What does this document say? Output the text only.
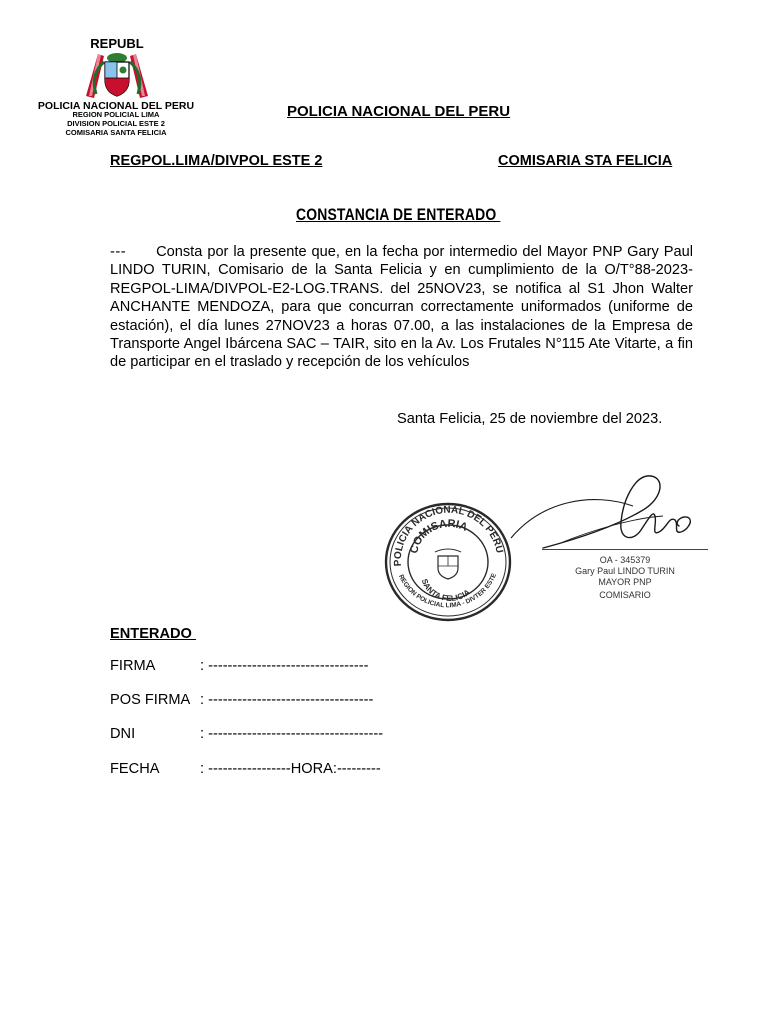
REPUBL
POLICIA NACIONAL DEL PERU
REGION POLICIAL LIMA
DIVISION POLICIAL ESTE 2
COMISARIA SANTA FELICIA
POLICIA NACIONAL DEL PERU
REGPOL.LIMA/DIVPOL ESTE 2	COMISARIA STA FELICIA
CONSTANCIA DE ENTERADO
--- Consta por la presente que, en la fecha por intermedio del Mayor PNP Gary Paul LINDO TURIN, Comisario de la Santa Felicia y en cumplimiento de la O/T°88-2023-REGPOL-LIMA/DIVPOL-E2-LOG.TRANS. del 25NOV23, se notifica al S1 Jhon Walter ANCHANTE MENDOZA, para que concurran correctamente uniformados (uniforme de estación), el día lunes 27NOV23 a horas 07.00, a las instalaciones de la Empresa de Transporte Angel Ibárcena SAC – TAIR, sito en la Av. Los Frutales N°115 Ate Vitarte, a fin de participar en el traslado y recepción de los vehículos
Santa Felicia, 25 de noviembre del 2023.
POLICIA NACIONAL DEL PERU
COMISARIA
REGION POLICIAL LIMA - DIVTER ESTE
SANTA FELICIA
OA - 345379
Gary Paul LINDO TURIN
MAYOR PNP
COMISARIO
ENTERADO
FIRMA	: ---------------------------------
POS FIRMA : ----------------------------------
DNI	: ------------------------------------
FECHA	: -----------------HORA:---------
